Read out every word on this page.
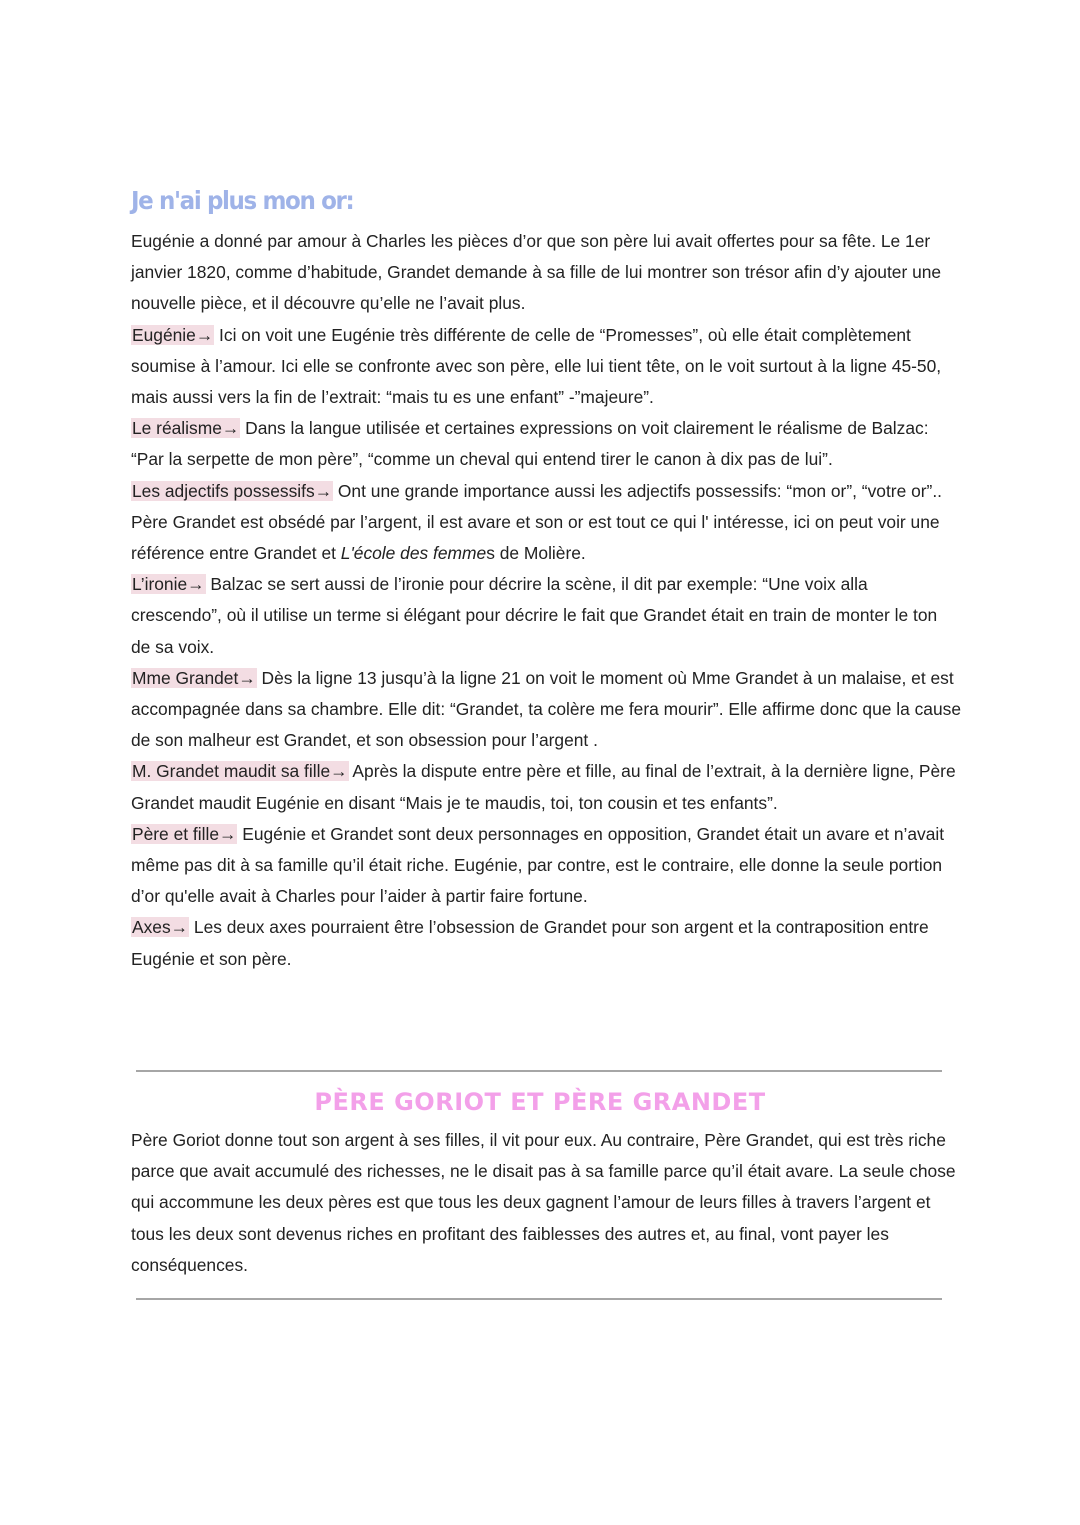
Je n'ai plus mon or:

Eugénie a donné par amour à Charles les pièces d’or que son père lui avait offertes pour sa fête. Le 1er janvier 1820, comme d’habitude, Grandet demande à sa fille de lui montrer son trésor afin d’y ajouter une nouvelle pièce, et il découvre qu’elle ne l’avait plus.

Eugénie→ Ici on voit une Eugénie très différente de celle de “Promesses”, où elle était complètement soumise à l’amour. Ici elle se confronte avec son père, elle lui tient tête, on le voit surtout à la ligne 45-50, mais aussi vers la fin de l’extrait: “mais tu es une enfant” -”majeure”.

Le réalisme→ Dans la langue utilisée et certaines expressions on voit clairement le réalisme de Balzac: “Par la serpette de mon père”, “comme un cheval qui entend tirer le canon à dix pas de lui”.

Les adjectifs possessifs→ Ont une grande importance aussi les adjectifs possessifs: “mon or”, “votre or”..

Père Grandet est obsédé par l’argent, il est avare et son or est tout ce qui l' intéresse, ici on peut voir une référence entre Grandet et L'école des femmes de Molière.

L’ironie→ Balzac se sert aussi de l’ironie pour décrire la scène, il dit par exemple: “Une voix alla crescendo”, où il utilise un terme si élégant pour décrire le fait que Grandet était en train de monter le ton de sa voix.

Mme Grandet→ Dès la ligne 13 jusqu’à la ligne 21 on voit le moment où Mme Grandet à un malaise, et est accompagnée dans sa chambre. Elle dit: “Grandet, ta colère me fera mourir”. Elle affirme donc que la cause de son malheur est Grandet, et son obsession pour l’argent .

M. Grandet maudit sa fille→ Après la dispute entre père et fille, au final de l’extrait, à la dernière ligne, Père Grandet maudit Eugénie en disant “Mais je te maudis, toi, ton cousin et tes enfants”.

Père et fille→ Eugénie et Grandet sont deux personnages en opposition, Grandet était un avare et n’avait même pas dit à sa famille qu’il était riche. Eugénie, par contre, est le contraire, elle donne la seule portion d’or qu'elle avait à Charles pour l’aider à partir faire fortune.

Axes→ Les deux axes pourraient être l’obsession de Grandet pour son argent et la contraposition entre Eugénie et son père.

PÈRE GORIOT ET PÈRE GRANDET

Père Goriot donne tout son argent à ses filles, il vit pour eux. Au contraire, Père Grandet, qui est très riche parce que avait accumulé des richesses, ne le disait pas à sa famille parce qu’il était avare. La seule chose qui accommune les deux pères est que tous les deux gagnent l’amour de leurs filles à travers l’argent et tous les deux sont devenus riches en profitant des faiblesses des autres et, au final, vont payer les conséquences.
